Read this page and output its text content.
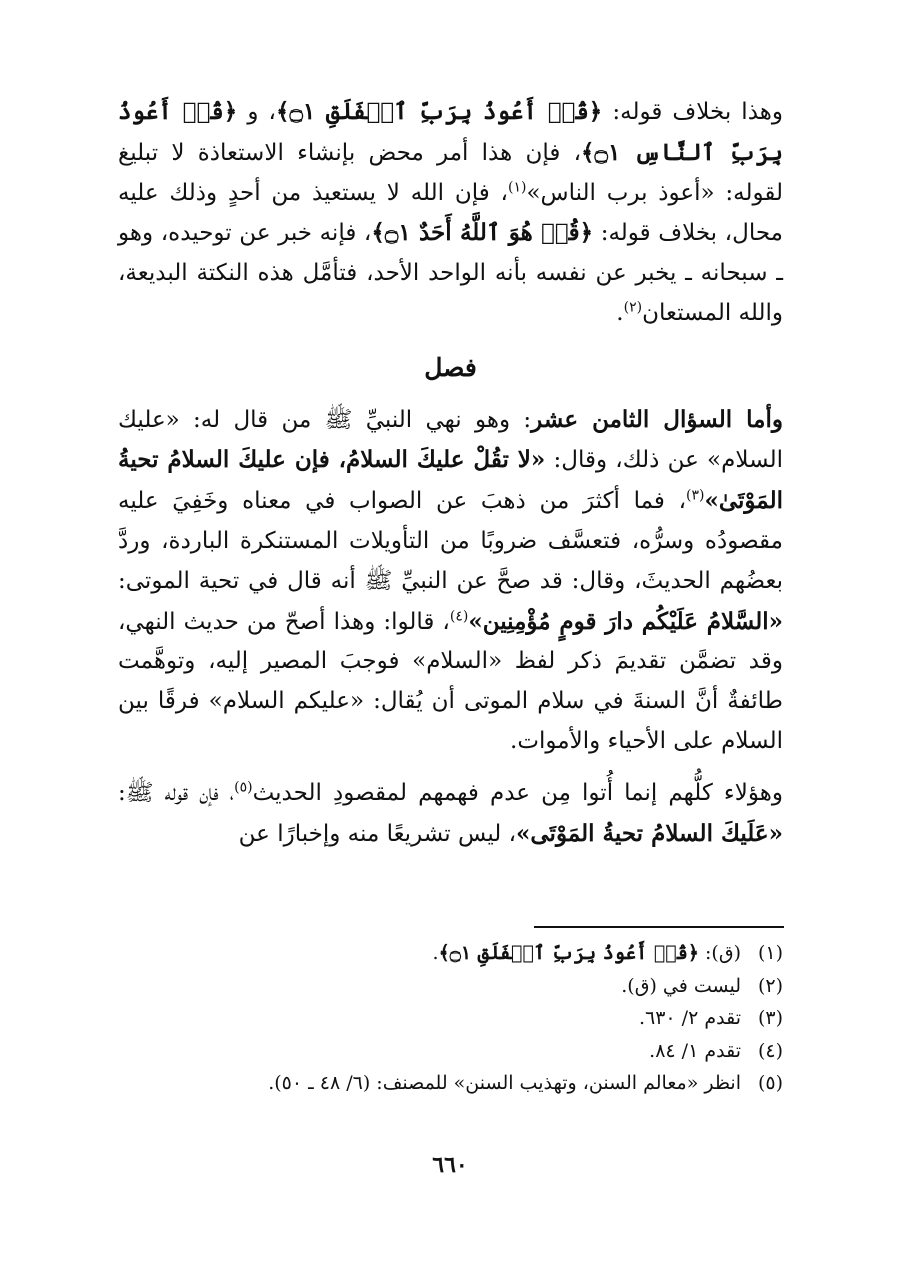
وهذا بخلاف قوله: ﴿قُلۡ أَعُوذُ بِرَبِّ ٱلۡفَلَقِ ۝١﴾، و ﴿قُلۡ أَعُوذُ بِرَبِّ ٱلنَّاسِ ۝١﴾، فإن هذا أمر محض بإنشاء الاستعاذة لا تبليغ لقوله: «أعوذ برب الناس»$^{(١)}$، فإن الله لا يستعيذ من أحدٍ وذلك عليه محال، بخلاف قوله: ﴿قُلۡ هُوَ ٱللَّهُ أَحَدٌ ۝١﴾، فإنه خبر عن توحيده، وهو ـ سبحانه ـ يخبر عن نفسه بأنه الواحد الأحد، فتأمَّل هذه النكتة البديعة، والله المستعان$^{(٢)}$.

فصل

وأما السؤال الثامن عشر: وهو نهي النبيِّ ﷺ من قال له: «عليك السلام» عن ذلك، وقال: «لا تقُلْ عليكَ السلامُ، فإن عليكَ السلامُ تحيةُ المَوْتَىٰ»$^{(٣)}$، فما أكثرَ من ذهبَ عن الصواب في معناه وخَفِيَ عليه مقصودُه وسرُّه، فتعسَّف ضروبًا من التأويلات المستنكرة الباردة، وردَّ بعضُهم الحديثَ، وقال: قد صحَّ عن النبيِّ ﷺ أنه قال في تحية الموتى: «السَّلامُ عَلَيْكُم دارَ قومٍ مُؤْمِنِين»$^{(٤)}$، قالوا: وهذا أصحّ من حديث النهي، وقد تضمَّن تقديمَ ذكر لفظ «السلام» فوجبَ المصير إليه، وتوهَّمت طائفةٌ أنَّ السنةَ في سلام الموتى أن يُقال: «عليكم السلام» فرقًا بين السلام على الأحياء والأموات.

وهؤلاء كلُّهم إنما أُتوا مِن عدم فهمهم لمقصودِ الحديث$^{(٥)}$، فإن قوله ﷺ: «عَلَيكَ السلامُ تحيةُ المَوْتَى»، ليس تشريعًا منه وإخبارًا عن

(١)
(ق): ﴿قُلۡ أَعُوذُ بِرَبِّ ٱلۡفَلَقِ ۝١﴾.
(٢)
ليست في (ق).
(٣)
تقدم ٢/ ٦٣٠.
(٤)
تقدم ١/ ٨٤.
(٥)
انظر «معالم السنن، وتهذيب السنن» للمصنف: (٦/ ٤٨ ـ ٥٠).
٦٦٠
